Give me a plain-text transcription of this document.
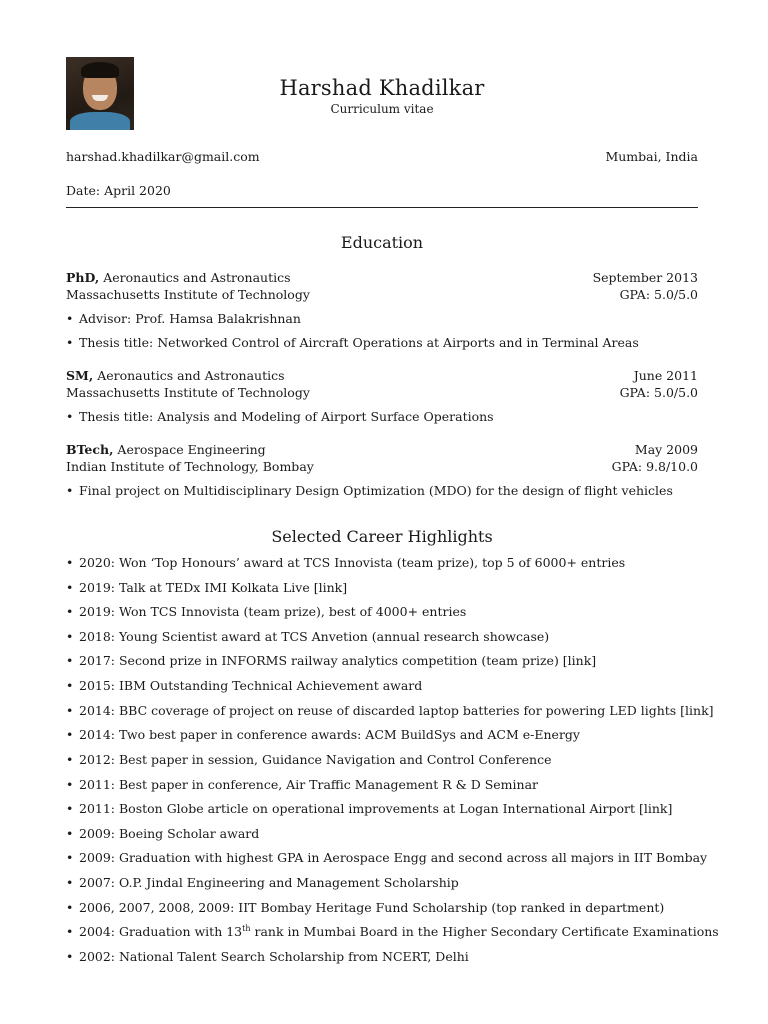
Harshad Khadilkar
Curriculum vitae
harshad.khadilkar@gmail.com	Mumbai, India
Date: April 2020
Education
PhD, Aeronautics and Astronautics	September 2013
Massachusetts Institute of Technology	GPA: 5.0/5.0
• Advisor: Prof. Hamsa Balakrishnan
• Thesis title: Networked Control of Aircraft Operations at Airports and in Terminal Areas
SM, Aeronautics and Astronautics	June 2011
Massachusetts Institute of Technology	GPA: 5.0/5.0
• Thesis title: Analysis and Modeling of Airport Surface Operations
BTech, Aerospace Engineering	May 2009
Indian Institute of Technology, Bombay	GPA: 9.8/10.0
• Final project on Multidisciplinary Design Optimization (MDO) for the design of flight vehicles
Selected Career Highlights
• 2020: Won ‘Top Honours’ award at TCS Innovista (team prize), top 5 of 6000+ entries
• 2019: Talk at TEDx IMI Kolkata Live [link]
• 2019: Won TCS Innovista (team prize), best of 4000+ entries
• 2018: Young Scientist award at TCS Anvetion (annual research showcase)
• 2017: Second prize in INFORMS railway analytics competition (team prize) [link]
• 2015: IBM Outstanding Technical Achievement award
• 2014: BBC coverage of project on reuse of discarded laptop batteries for powering LED lights [link]
• 2014: Two best paper in conference awards: ACM BuildSys and ACM e-Energy
• 2012: Best paper in session, Guidance Navigation and Control Conference
• 2011: Best paper in conference, Air Traffic Management R & D Seminar
• 2011: Boston Globe article on operational improvements at Logan International Airport [link]
• 2009: Boeing Scholar award
• 2009: Graduation with highest GPA in Aerospace Engg and second across all majors in IIT Bombay
• 2007: O.P. Jindal Engineering and Management Scholarship
• 2006, 2007, 2008, 2009: IIT Bombay Heritage Fund Scholarship (top ranked in department)
• 2004: Graduation with 13th rank in Mumbai Board in the Higher Secondary Certificate Examinations
• 2002: National Talent Search Scholarship from NCERT, Delhi
